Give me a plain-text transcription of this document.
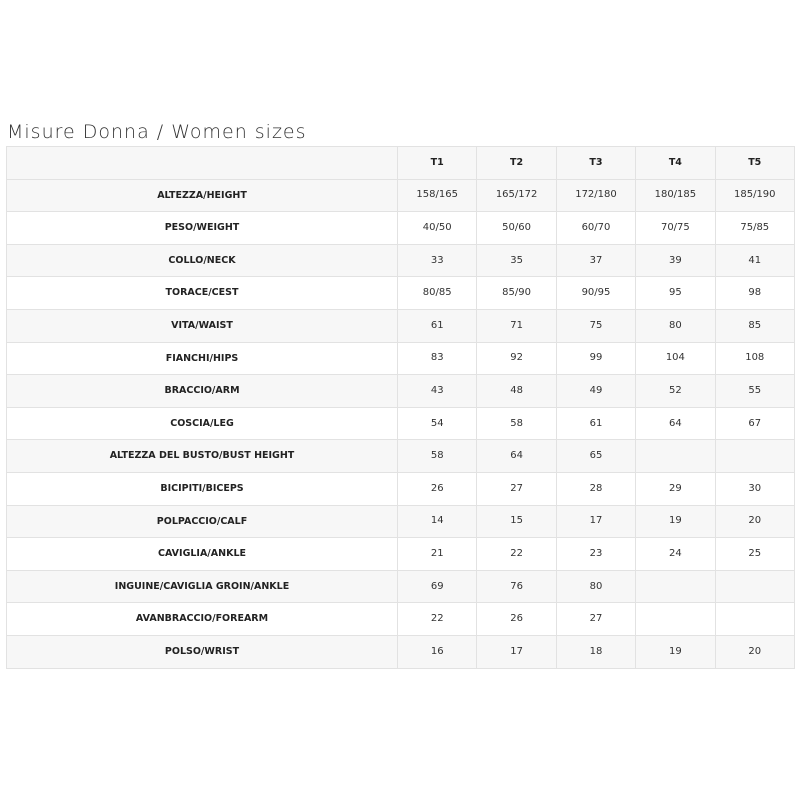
Misure Donna / Women sizes
	T1	T2	T3	T4	T5
ALTEZZA/HEIGHT	158/165	165/172	172/180	180/185	185/190
PESO/WEIGHT	40/50	50/60	60/70	70/75	75/85
COLLO/NECK	33	35	37	39	41
TORACE/CEST	80/85	85/90	90/95	95	98
VITA/WAIST	61	71	75	80	85
FIANCHI/HIPS	83	92	99	104	108
BRACCIO/ARM	43	48	49	52	55
COSCIA/LEG	54	58	61	64	67
ALTEZZA DEL BUSTO/BUST HEIGHT	58	64	65		
BICIPITI/BICEPS	26	27	28	29	30
POLPACCIO/CALF	14	15	17	19	20
CAVIGLIA/ANKLE	21	22	23	24	25
INGUINE/CAVIGLIA GROIN/ANKLE	69	76	80		
AVANBRACCIO/FOREARM	22	26	27		
POLSO/WRIST	16	17	18	19	20
